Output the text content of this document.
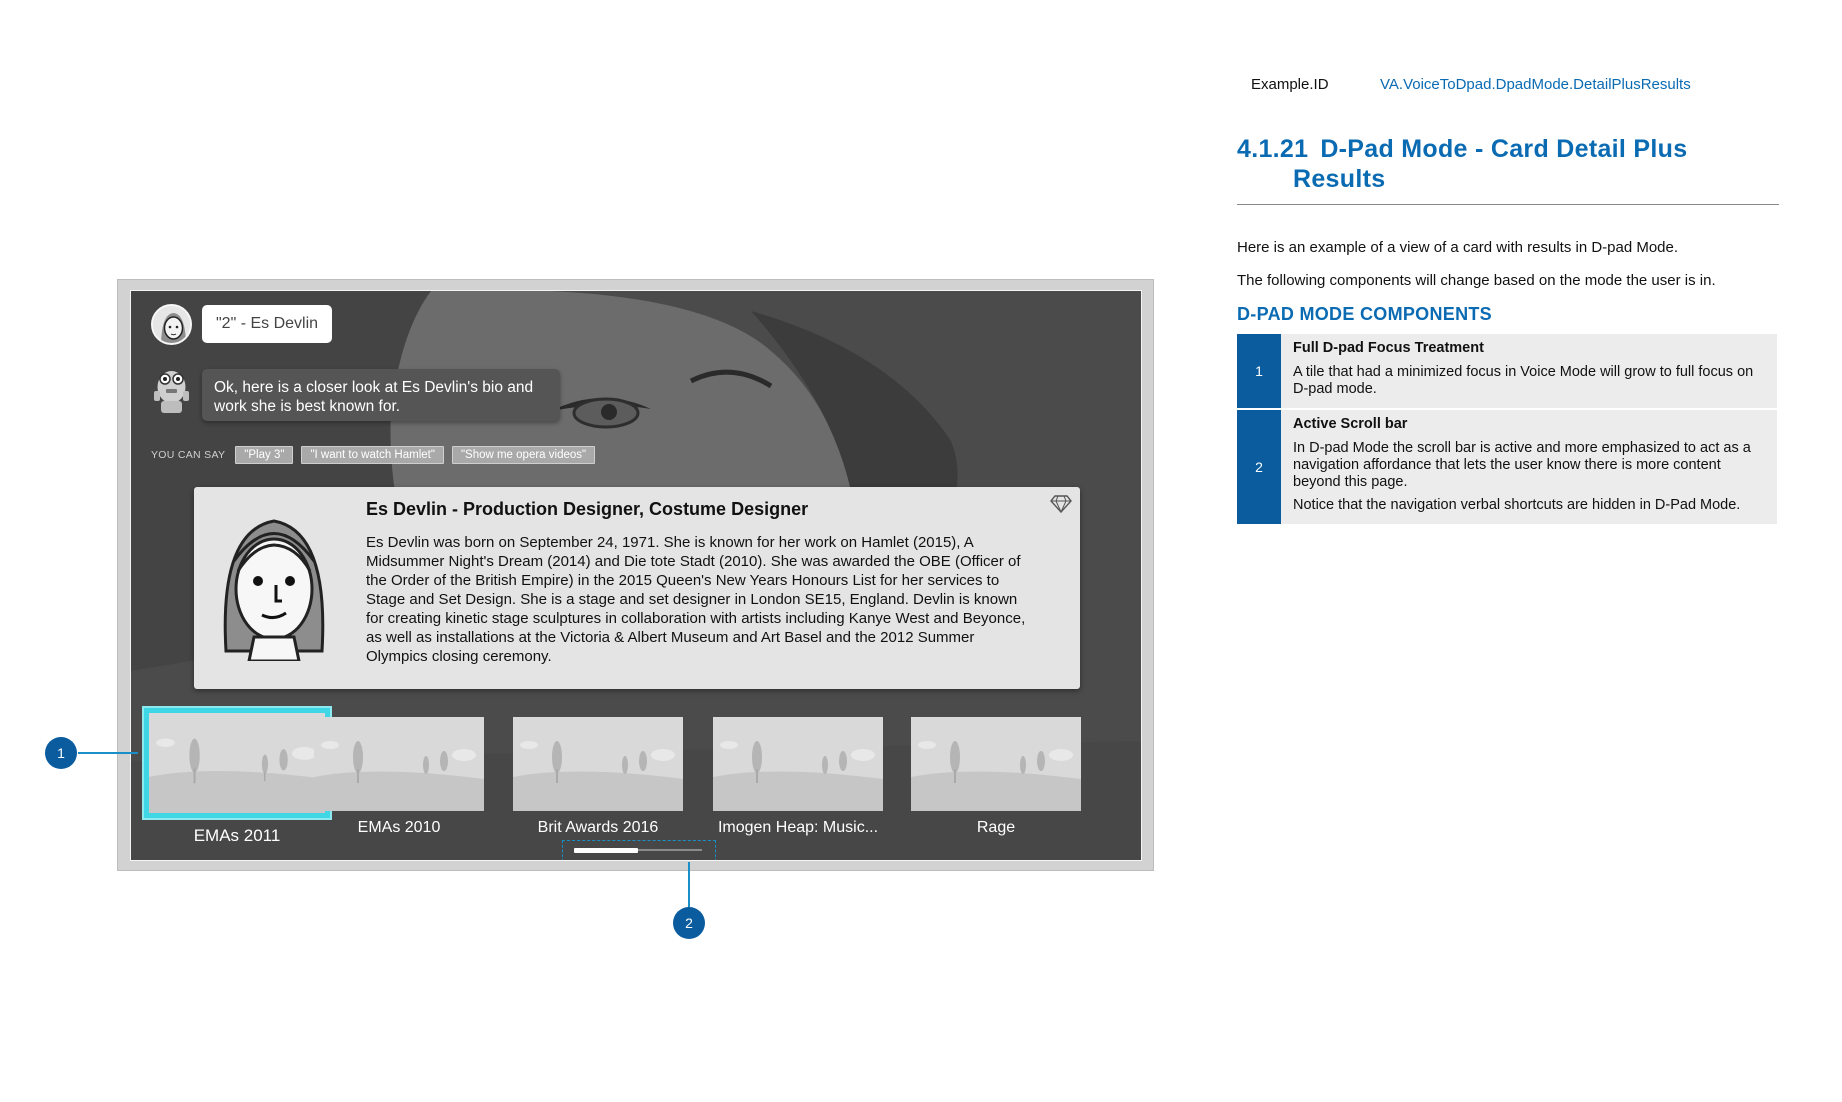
"2" - Es Devlin
Ok, here is a closer look at Es Devlin's bio and work she is best known for.
YOU CAN SAY	"Play 3"	"I want to watch Hamlet"	"Show me opera videos"
Es Devlin - Production Designer, Costume Designer
Es Devlin was born on September 24, 1971. She is known for her work on Hamlet (2015), A Midsummer Night's Dream (2014) and Die tote Stadt (2010). She was awarded the OBE (Officer of the Order of the British Empire) in the 2015 Queen's New Years Honours List for her services to Stage and Set Design. She is a stage and set designer in London SE15, England. Devlin is known for creating kinetic stage sculptures in collaboration with artists including Kanye West and Beyonce, as well as installations at the Victoria & Albert Museum and Art Basel and the 2012 Summer Olympics closing ceremony.
EMAs 2011	EMAs 2010	Brit Awards 2016	Imogen Heap: Music...	Rage
1
2
Example.ID	VA.VoiceToDpad.DpadMode.DetailPlusResults
4.1.21 D-Pad Mode - Card Detail Plus
Results
Here is an example of a view of a card with results in D-pad Mode.
The following components will change based on the mode the user is in.
D-PAD MODE COMPONENTS
1
Full D-pad Focus Treatment
A tile that had a minimized focus in Voice Mode will grow to full focus on D-pad mode.
2
Active Scroll bar
In D-pad Mode the scroll bar is active and more emphasized to act as a navigation affordance that lets the user know there is more content beyond this page.
Notice that the navigation verbal shortcuts are hidden in D-Pad Mode.
